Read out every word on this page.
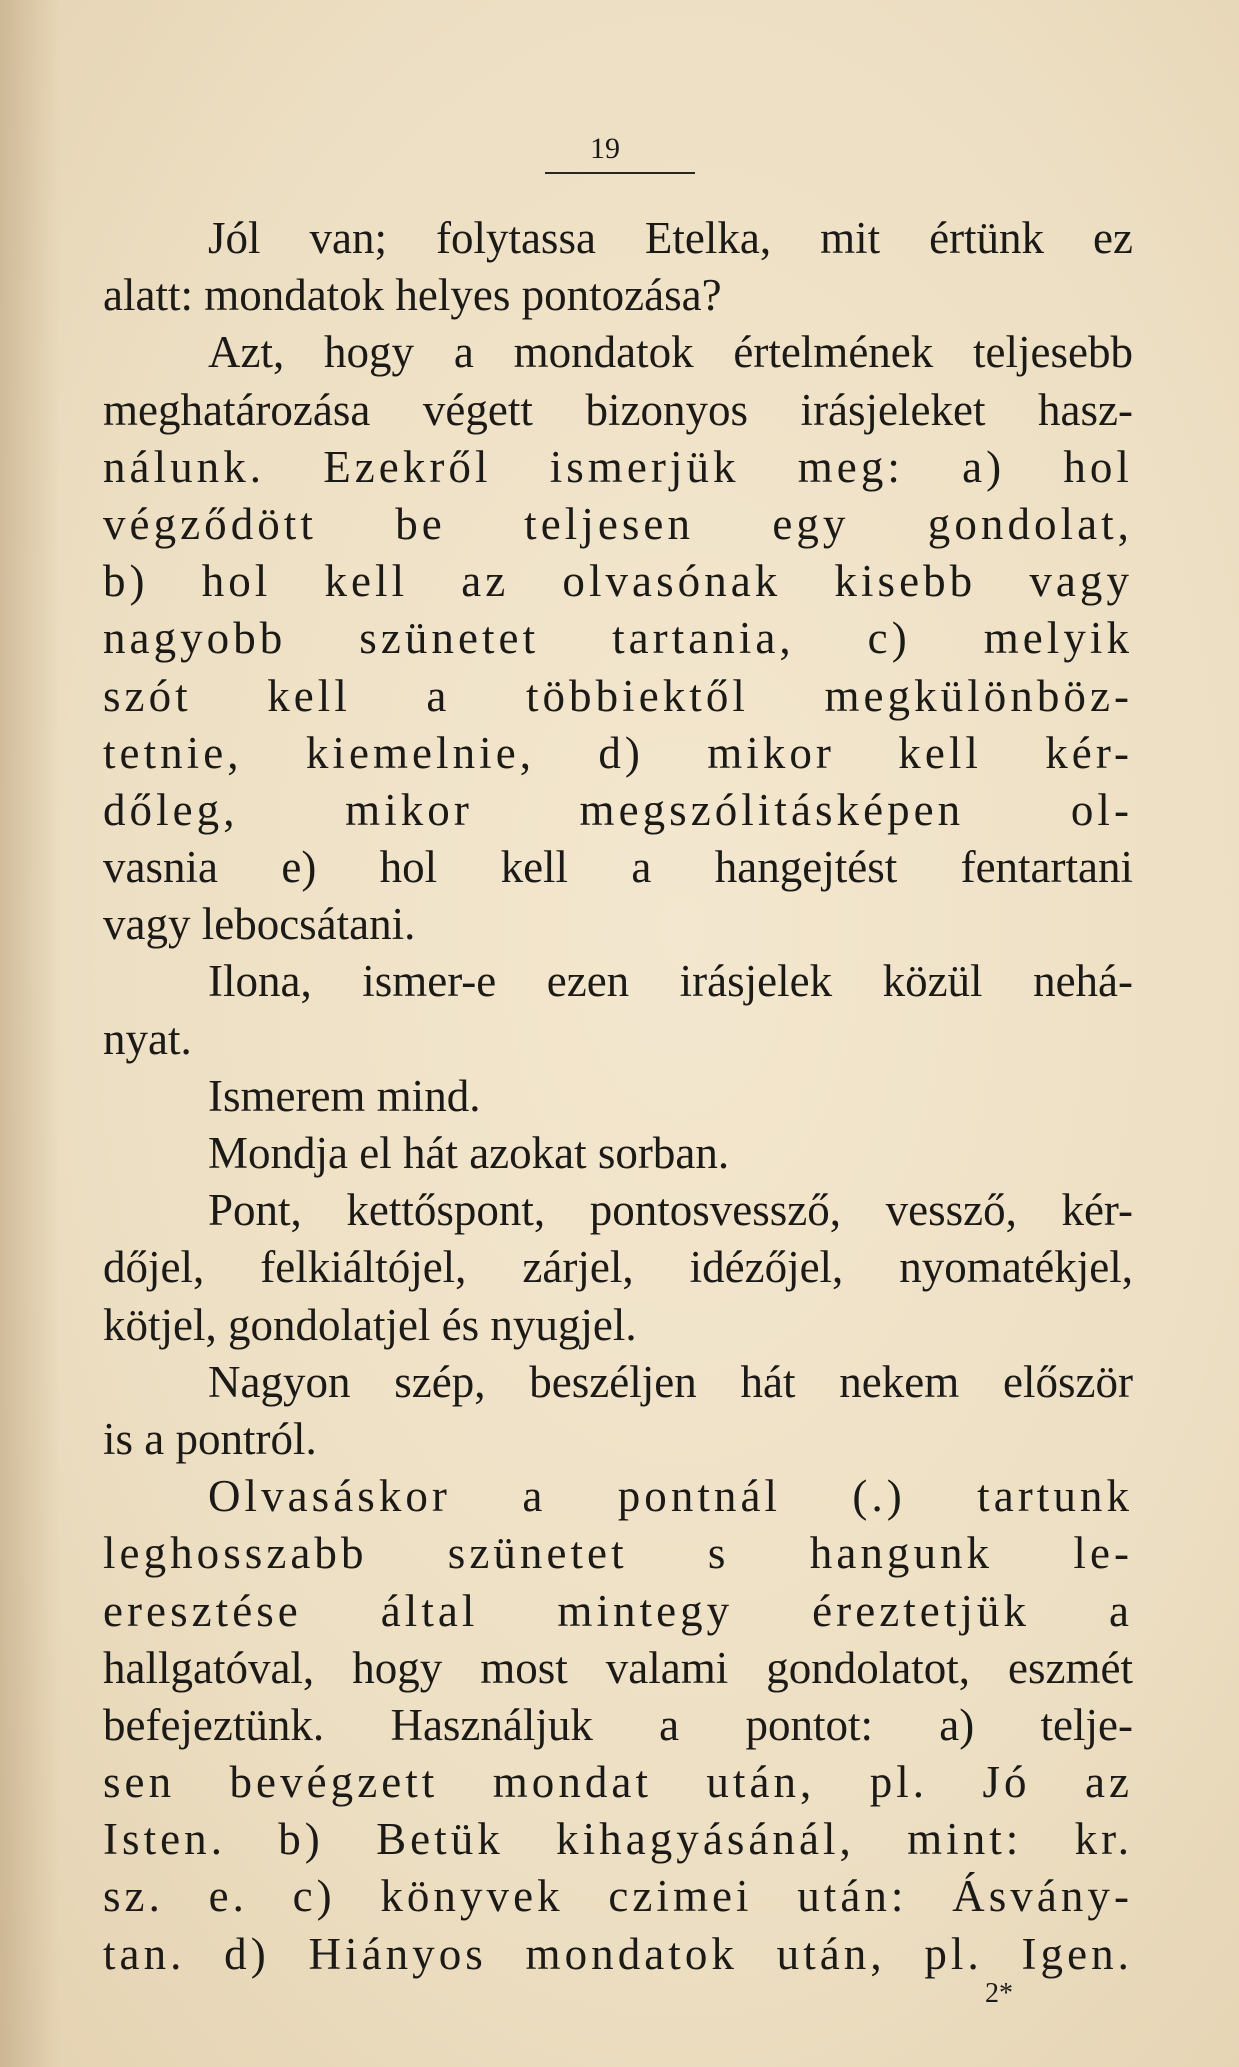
19
Jól van; folytassa Etelka, mit értünk ez
alatt: mondatok helyes pontozása?
Azt, hogy a mondatok értelmének teljesebb
meghatározása végett bizonyos irásjeleket hasz-
nálunk. Ezekről ismerjük meg: a) hol
végződött be teljesen egy gondolat,
b) hol kell az olvasónak kisebb vagy
nagyobb szünetet tartania, c) melyik
szót kell a többiektől megkülönböz-
tetnie, kiemelnie, d) mikor kell kér-
dőleg, mikor megszólitásképen ol-
vasnia e) hol kell a hangejtést fentartani
vagy lebocsátani.
Ilona, ismer-e ezen irásjelek közül nehá-
nyat.
Ismerem mind.
Mondja el hát azokat sorban.
Pont, kettőspont, pontosvessző, vessző, kér-
dőjel, felkiáltójel, zárjel, idézőjel, nyomatékjel,
kötjel, gondolatjel és nyugjel.
Nagyon szép, beszéljen hát nekem először
is a pontról.
Olvasáskor a pontnál (.) tartunk
leghosszabb szünetet s hangunk le-
eresztése által mintegy éreztetjük a
hallgatóval, hogy most valami gondolatot, eszmét
befejeztünk. Használjuk a pontot: a) telje-
sen bevégzett mondat után, pl. Jó az
Isten. b) Betük kihagyásánál, mint: kr.
sz. e. c) könyvek czimei után: Ásvány-
tan. d) Hiányos mondatok után, pl. Igen.
2*
